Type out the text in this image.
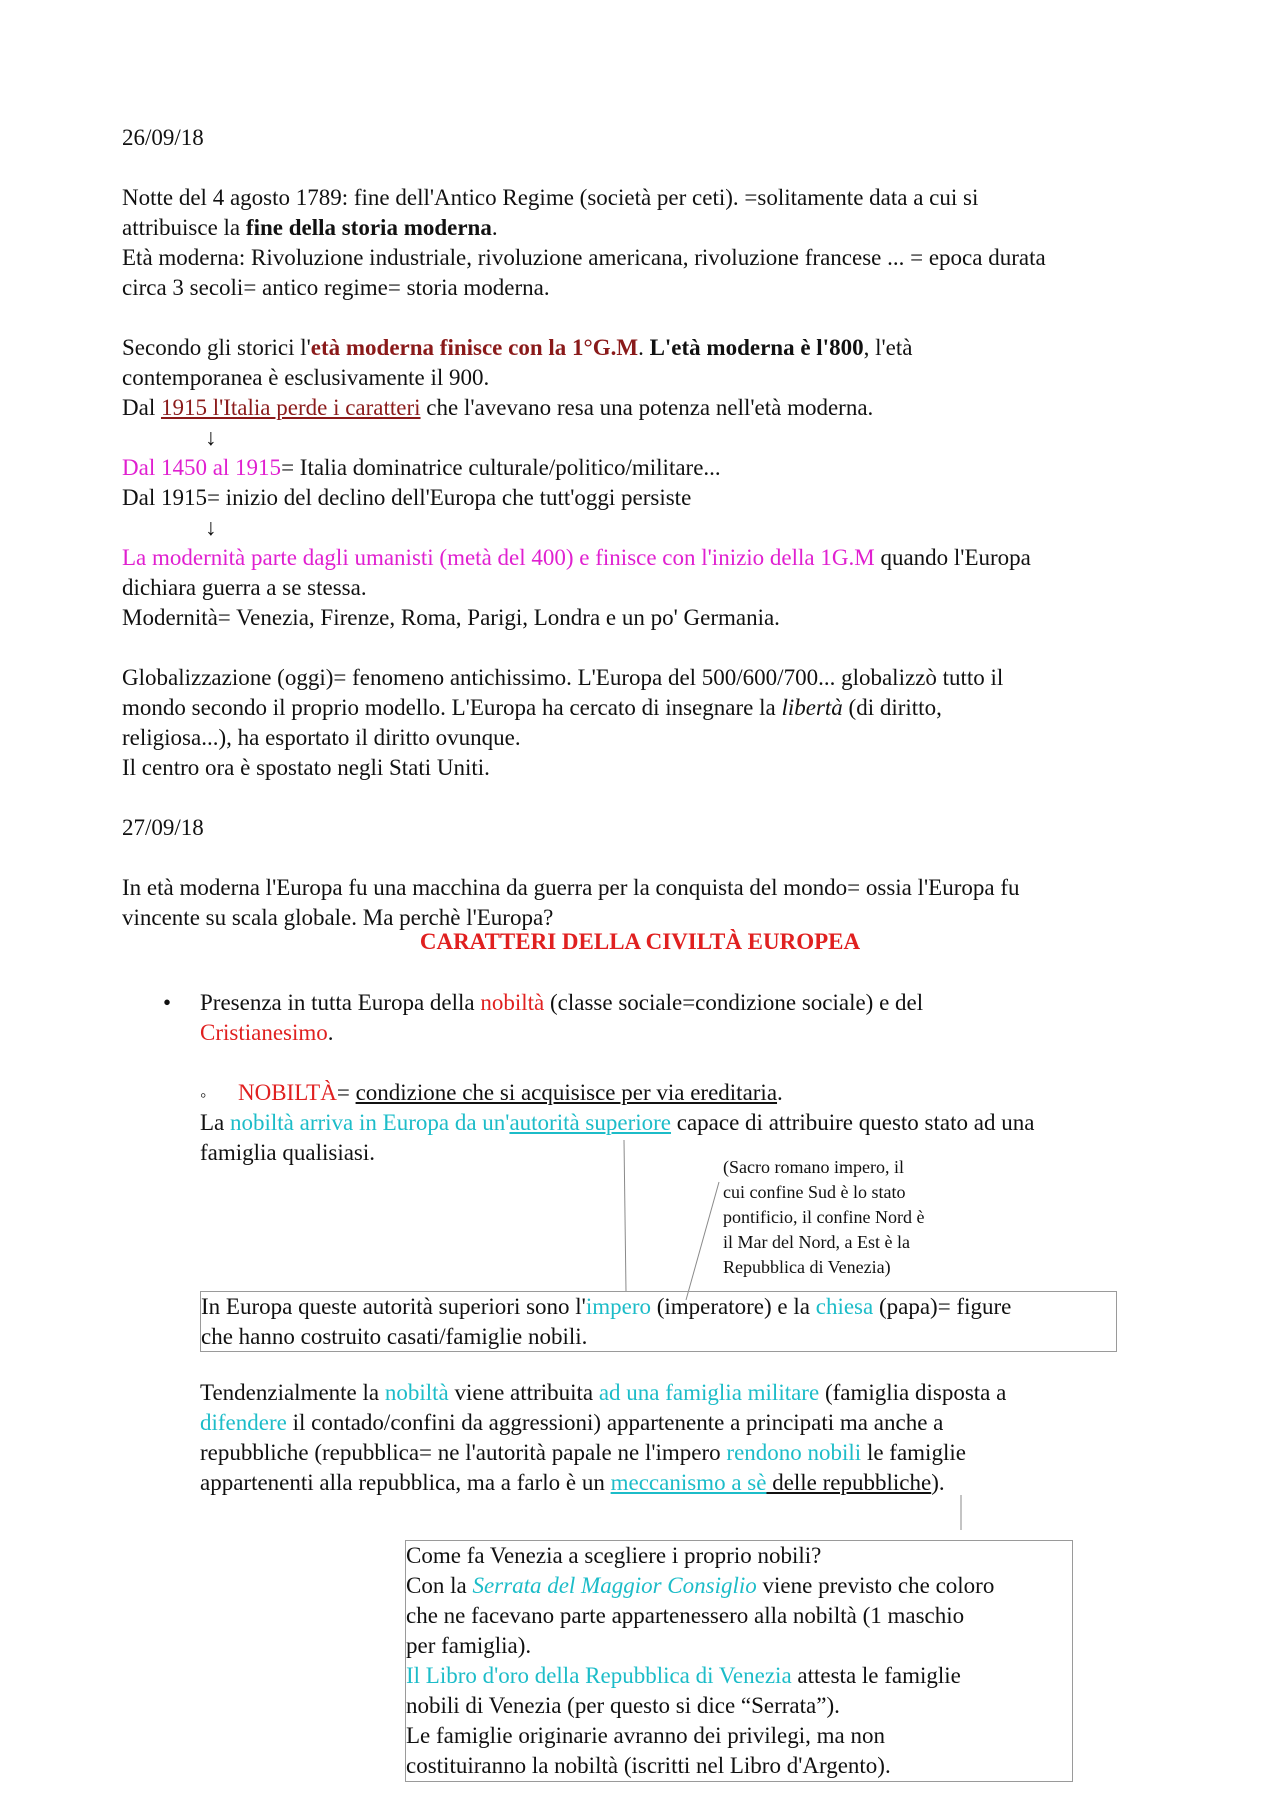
26/09/18
Notte del 4 agosto 1789: fine dell'Antico Regime (società per ceti). =solitamente data a cui si
attribuisce la fine della storia moderna.
Età moderna: Rivoluzione industriale, rivoluzione americana, rivoluzione francese ... = epoca durata
circa 3 secoli= antico regime= storia moderna.
Secondo gli storici l'età moderna finisce con la 1°G.M. L'età moderna è l'800, l'età
contemporanea è esclusivamente il 900.
Dal 1915 l'Italia perde i caratteri che l'avevano resa una potenza nell'età moderna.
↓
Dal 1450 al 1915= Italia dominatrice culturale/politico/militare...
Dal 1915= inizio del declino dell'Europa che tutt'oggi persiste
↓
La modernità parte dagli umanisti (metà del 400) e finisce con l'inizio della 1G.M quando l'Europa
dichiara guerra a se stessa.
Modernità= Venezia, Firenze, Roma, Parigi, Londra e un po' Germania.
Globalizzazione (oggi)= fenomeno antichissimo. L'Europa del 500/600/700... globalizzò tutto il
mondo secondo il proprio modello. L'Europa ha cercato di insegnare la libertà (di diritto,
religiosa...), ha esportato il diritto ovunque.
Il centro ora è spostato negli Stati Uniti.
27/09/18
In età moderna l'Europa fu una macchina da guerra per la conquista del mondo= ossia l'Europa fu
vincente su scala globale. Ma perchè l'Europa?
CARATTERI DELLA CIVILTÀ EUROPEA
• Presenza in tutta Europa della nobiltà (classe sociale=condizione sociale) e del
Cristianesimo.
◦ NOBILTÀ= condizione che si acquisisce per via ereditaria.
La nobiltà arriva in Europa da un'autorità superiore capace di attribuire questo stato ad una
famiglia qualisiasi.
(Sacro romano impero, il
cui confine Sud è lo stato
pontificio, il confine Nord è
il Mar del Nord, a Est è la
Repubblica di Venezia)
In Europa queste autorità superiori sono l'impero (imperatore) e la chiesa (papa)= figure
che hanno costruito casati/famiglie nobili.
Tendenzialmente la nobiltà viene attribuita ad una famiglia militare (famiglia disposta a
difendere il contado/confini da aggressioni) appartenente a principati ma anche a
repubbliche (repubblica= ne l'autorità papale ne l'impero rendono nobili le famiglie
appartenenti alla repubblica, ma a farlo è un meccanismo a sè delle repubbliche).
Come fa Venezia a scegliere i proprio nobili?
Con la Serrata del Maggior Consiglio viene previsto che coloro
che ne facevano parte appartenessero alla nobiltà (1 maschio
per famiglia).
Il Libro d'oro della Repubblica di Venezia attesta le famiglie
nobili di Venezia (per questo si dice “Serrata”).
Le famiglie originarie avranno dei privilegi, ma non
costituiranno la nobiltà (iscritti nel Libro d'Argento).
